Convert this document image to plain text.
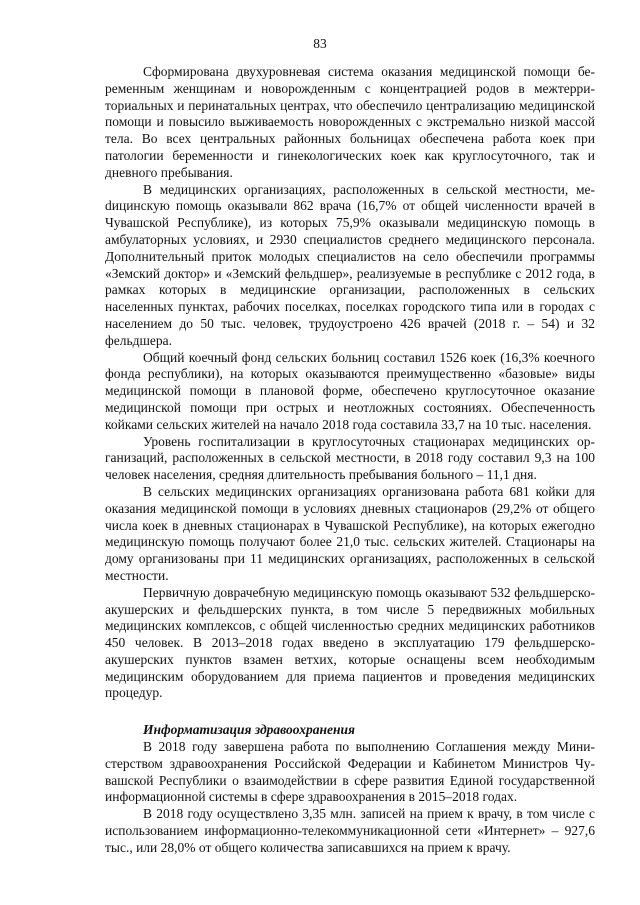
83

Сформирована двухуровневая система оказания медицинской помощи беременным женщинам и новорожденным с концентрацией родов в межтерриториальных и перинатальных центрах, что обеспечило централизацию медицинской помощи и повысило выживаемость новорожденных с экстремально низкой массой тела. Во всех центральных районных больницах обеспечена работа коек при патологии беременности и гинекологических коек как круглосуточного, так и дневного пребывания.

В медицинских организациях, расположенных в сельской местности, меdицинскую помощь оказывали 862 врача (16,7% от общей численности врачей в Чувашской Республике), из которых 75,9% оказывали медицинскую помощь в амбулаторных условиях, и 2930 специалистов среднего медицинского персонала. Дополнительный приток молодых специалистов на село обеспечили программы «Земский доктор» и «Земский фельдшер», реализуемые в республике с 2012 года, в рамках которых в медицинские организации, расположенных в сельских населенных пунктах, рабочих поселках, поселках городского типа или в городах с населением до 50 тыс. человек, трудоустроено 426 врачей (2018 г. – 54) и 32 фельдшера.

Общий коечный фонд сельских больниц составил 1526 коек (16,3% коечного фонда республики), на которых оказываются преимущественно «базовые» виды медицинской помощи в плановой форме, обеспечено круглосуточное оказание медицинской помощи при острых и неотложных состояниях. Обеспеченность койками сельских жителей на начало 2018 года составила 33,7 на 10 тыс. населения.

Уровень госпитализации в круглосуточных стационарах медицинских организаций, расположенных в сельской местности, в 2018 году составил 9,3 на 100 человек населения, средняя длительность пребывания больного – 11,1 дня.

В сельских медицинских организациях организована работа 681 койки для оказания медицинской помощи в условиях дневных стационаров (29,2% от общего числа коек в дневных стационарах в Чувашской Республике), на которых ежегодно медицинскую помощь получают более 21,0 тыс. сельских жителей. Стационары на дому организованы при 11 медицинских организациях, расположенных в сельской местности.

Первичную доврачебную медицинскую помощь оказывают 532 фельдшерско-акушерских и фельдшерских пункта, в том числе 5 передвижных мобильных медицинских комплексов, с общей численностью средних медицинских работников 450 человек. В 2013–2018 годах введено в эксплуатацию 179 фельдшерско-акушерских пунктов взамен ветхих, которые оснащены всем необходимым медицинским оборудованием для приема пациентов и проведения медицинских процедур.

Информатизация здравоохранения

В 2018 году завершена работа по выполнению Соглашения между Министерством здравоохранения Российской Федерации и Кабинетом Министров Чувашской Республики о взаимодействии в сфере развития Единой государственной информационной системы в сфере здравоохранения в 2015–2018 годах.

В 2018 году осуществлено 3,35 млн. записей на прием к врачу, в том числе с использованием информационно-телекоммуникационной сети «Интернет» – 927,6 тыс., или 28,0% от общего количества записавшихся на прием к врачу.
